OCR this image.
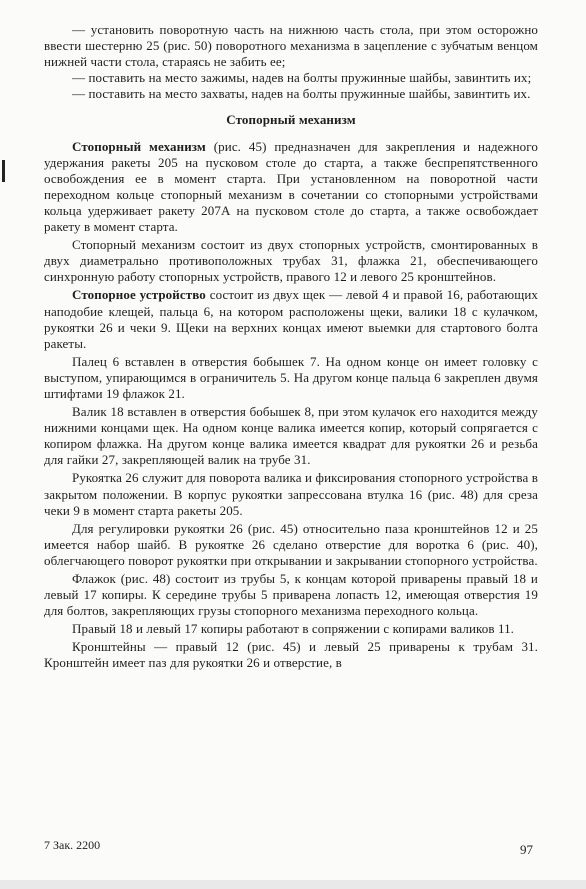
— установить поворотную часть на нижнюю часть стола, при этом осторожно ввести шестерню 25 (рис. 50) поворотного механизма в зацепление с зубчатым венцом нижней части стола, стараясь не забить ее;

— поставить на место зажимы, надев на болты пружинные шайбы, завинтить их;

— поставить на место захваты, надев на болты пружинные шайбы, завинтить их.

Стопорный механизм

Стопорный механизм (рис. 45) предназначен для закрепления и надежного удержания ракеты 205 на пусковом столе до старта, а также беспрепятственного освобождения ее в момент старта. При установленном на поворотной части переходном кольце стопорный механизм в сочетании со стопорными устройствами кольца удерживает ракету 207А на пусковом столе до старта, а также освобождает ракету в момент старта.

Стопорный механизм состоит из двух стопорных устройств, смонтированных в двух диаметрально противоположных трубах 31, флажка 21, обеспечивающего синхронную работу стопорных устройств, правого 12 и левого 25 кронштейнов.

Стопорное устройство состоит из двух щек — левой 4 и правой 16, работающих наподобие клещей, пальца 6, на котором расположены щеки, валики 18 с кулачком, рукоятки 26 и чеки 9. Щеки на верхних концах имеют выемки для стартового болта ракеты.

Палец 6 вставлен в отверстия бобышек 7. На одном конце он имеет головку с выступом, упирающимся в ограничитель 5. На другом конце пальца 6 закреплен двумя штифтами 19 флажок 21.

Валик 18 вставлен в отверстия бобышек 8, при этом кулачок его находится между нижними концами щек. На одном конце валика имеется копир, который сопрягается с копиром флажка. На другом конце валика имеется квадрат для рукоятки 26 и резьба для гайки 27, закрепляющей валик на трубе 31.

Рукоятка 26 служит для поворота валика и фиксирования стопорного устройства в закрытом положении. В корпус рукоятки запрессована втулка 16 (рис. 48) для среза чеки 9 в момент старта ракеты 205.

Для регулировки рукоятки 26 (рис. 45) относительно паза кронштейнов 12 и 25 имеется набор шайб. В рукоятке 26 сделано отверстие для воротка 6 (рис. 40), облегчающего поворот рукоятки при открывании и закрывании стопорного устройства.

Флажок (рис. 48) состоит из трубы 5, к концам которой приварены правый 18 и левый 17 копиры. К середине трубы 5 приварена лопасть 12, имеющая отверстия 19 для болтов, закрепляющих грузы стопорного механизма переходного кольца.

Правый 18 и левый 17 копиры работают в сопряжении с копирами валиков 11.

Кронштейны — правый 12 (рис. 45) и левый 25 приварены к трубам 31. Кронштейн имеет паз для рукоятки 26 и отверстие, в

7 Зак. 2200	97
